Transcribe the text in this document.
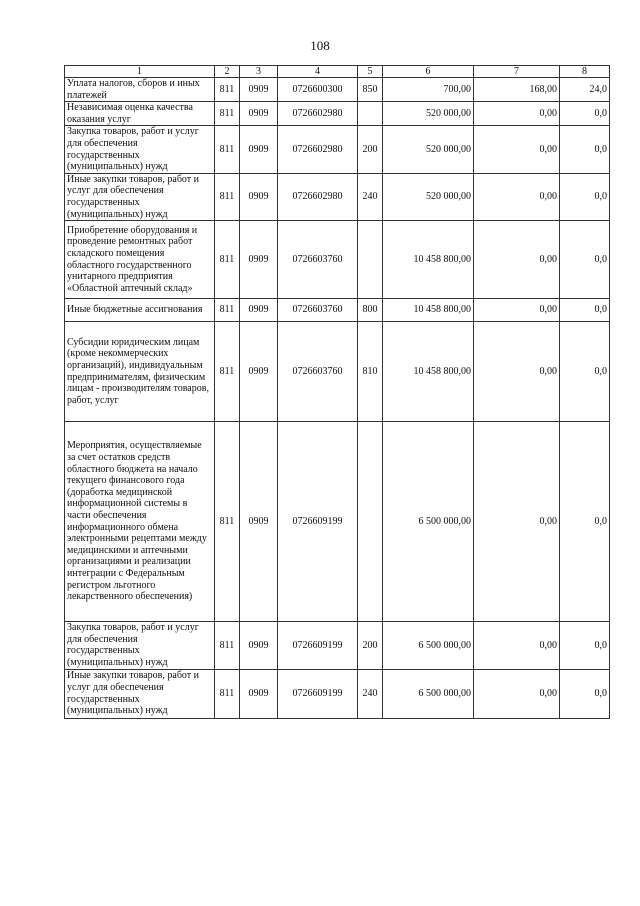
108
1	2	3	4	5	6	7	8
Уплата налогов, сборов и иных платежей	811	0909	0726600300	850	700,00	168,00	24,0
Независимая оценка качества оказания услуг	811	0909	0726602980		520 000,00	0,00	0,0
Закупка товаров, работ и услуг для обеспечения государственных (муниципальных) нужд	811	0909	0726602980	200	520 000,00	0,00	0,0
Иные закупки товаров, работ и услуг для обеспечения государственных (муниципальных) нужд	811	0909	0726602980	240	520 000,00	0,00	0,0
Приобретение оборудования и проведение ремонтных работ складского помещения областного государственного унитарного предприятия «Областной аптечный склад»	811	0909	0726603760		10 458 800,00	0,00	0,0
Иные бюджетные ассигнования	811	0909	0726603760	800	10 458 800,00	0,00	0,0
Субсидии юридическим лицам (кроме некоммерческих организаций), индивидуальным предпринимателям, физическим лицам - производителям товаров, работ, услуг	811	0909	0726603760	810	10 458 800,00	0,00	0,0
Мероприятия, осуществляемые за счет остатков средств областного бюджета на начало текущего финансового года (доработка медицинской информационной системы в части обеспечения информационного обмена электронными рецептами между медицинскими и аптечными организациями и реализации интеграции с Федеральным регистром льготного лекарственного обеспечения)	811	0909	0726609199		6 500 000,00	0,00	0,0
Закупка товаров, работ и услуг для обеспечения государственных (муниципальных) нужд	811	0909	0726609199	200	6 500 000,00	0,00	0,0
Иные закупки товаров, работ и услуг для обеспечения государственных (муниципальных) нужд	811	0909	0726609199	240	6 500 000,00	0,00	0,0
